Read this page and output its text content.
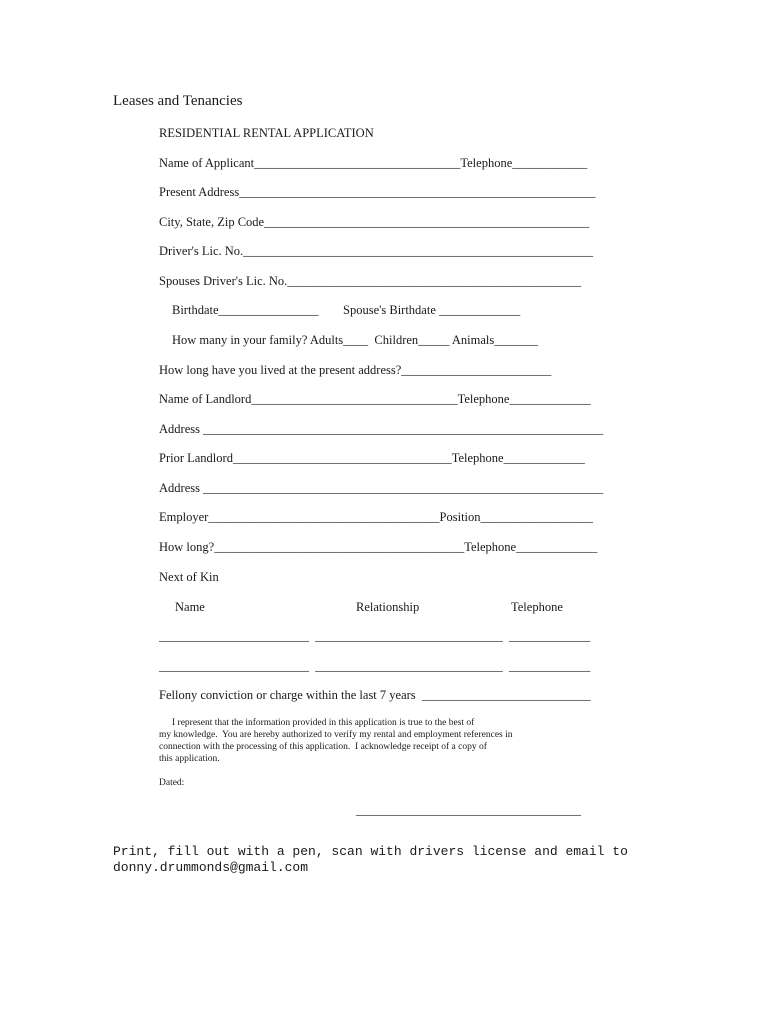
Leases and Tenancies
RESIDENTIAL RENTAL APPLICATION
Name of Applicant_________________________________Telephone____________
Present Address_________________________________________________________
City, State, Zip Code____________________________________________________
Driver's Lic. No.________________________________________________________
Spouses Driver's Lic. No._______________________________________________
Birthdate________________ Spouse's Birthdate _____________
How many in your family? Adults____  Children_____ Animals_______
How long have you lived at the present address?________________________
Name of Landlord_________________________________Telephone_____________
Address ________________________________________________________________
Prior Landlord___________________________________Telephone_____________
Address ________________________________________________________________
Employer_____________________________________Position__________________
How long?________________________________________Telephone_____________
Next of Kin
Name	Relationship	Telephone
________________________  ______________________________  _____________
________________________  ______________________________  _____________
Fellony conviction or charge within the last 7 years  ___________________________
I represent that the information provided in this application is true to the best of
my knowledge.  You are hereby authorized to verify my rental and employment references in
connection with the processing of this application.  I acknowledge receipt of a copy of
this application.
Dated:
____________________________________
Print, fill out with a pen, scan with drivers license and email to
donny.drummonds@gmail.com
